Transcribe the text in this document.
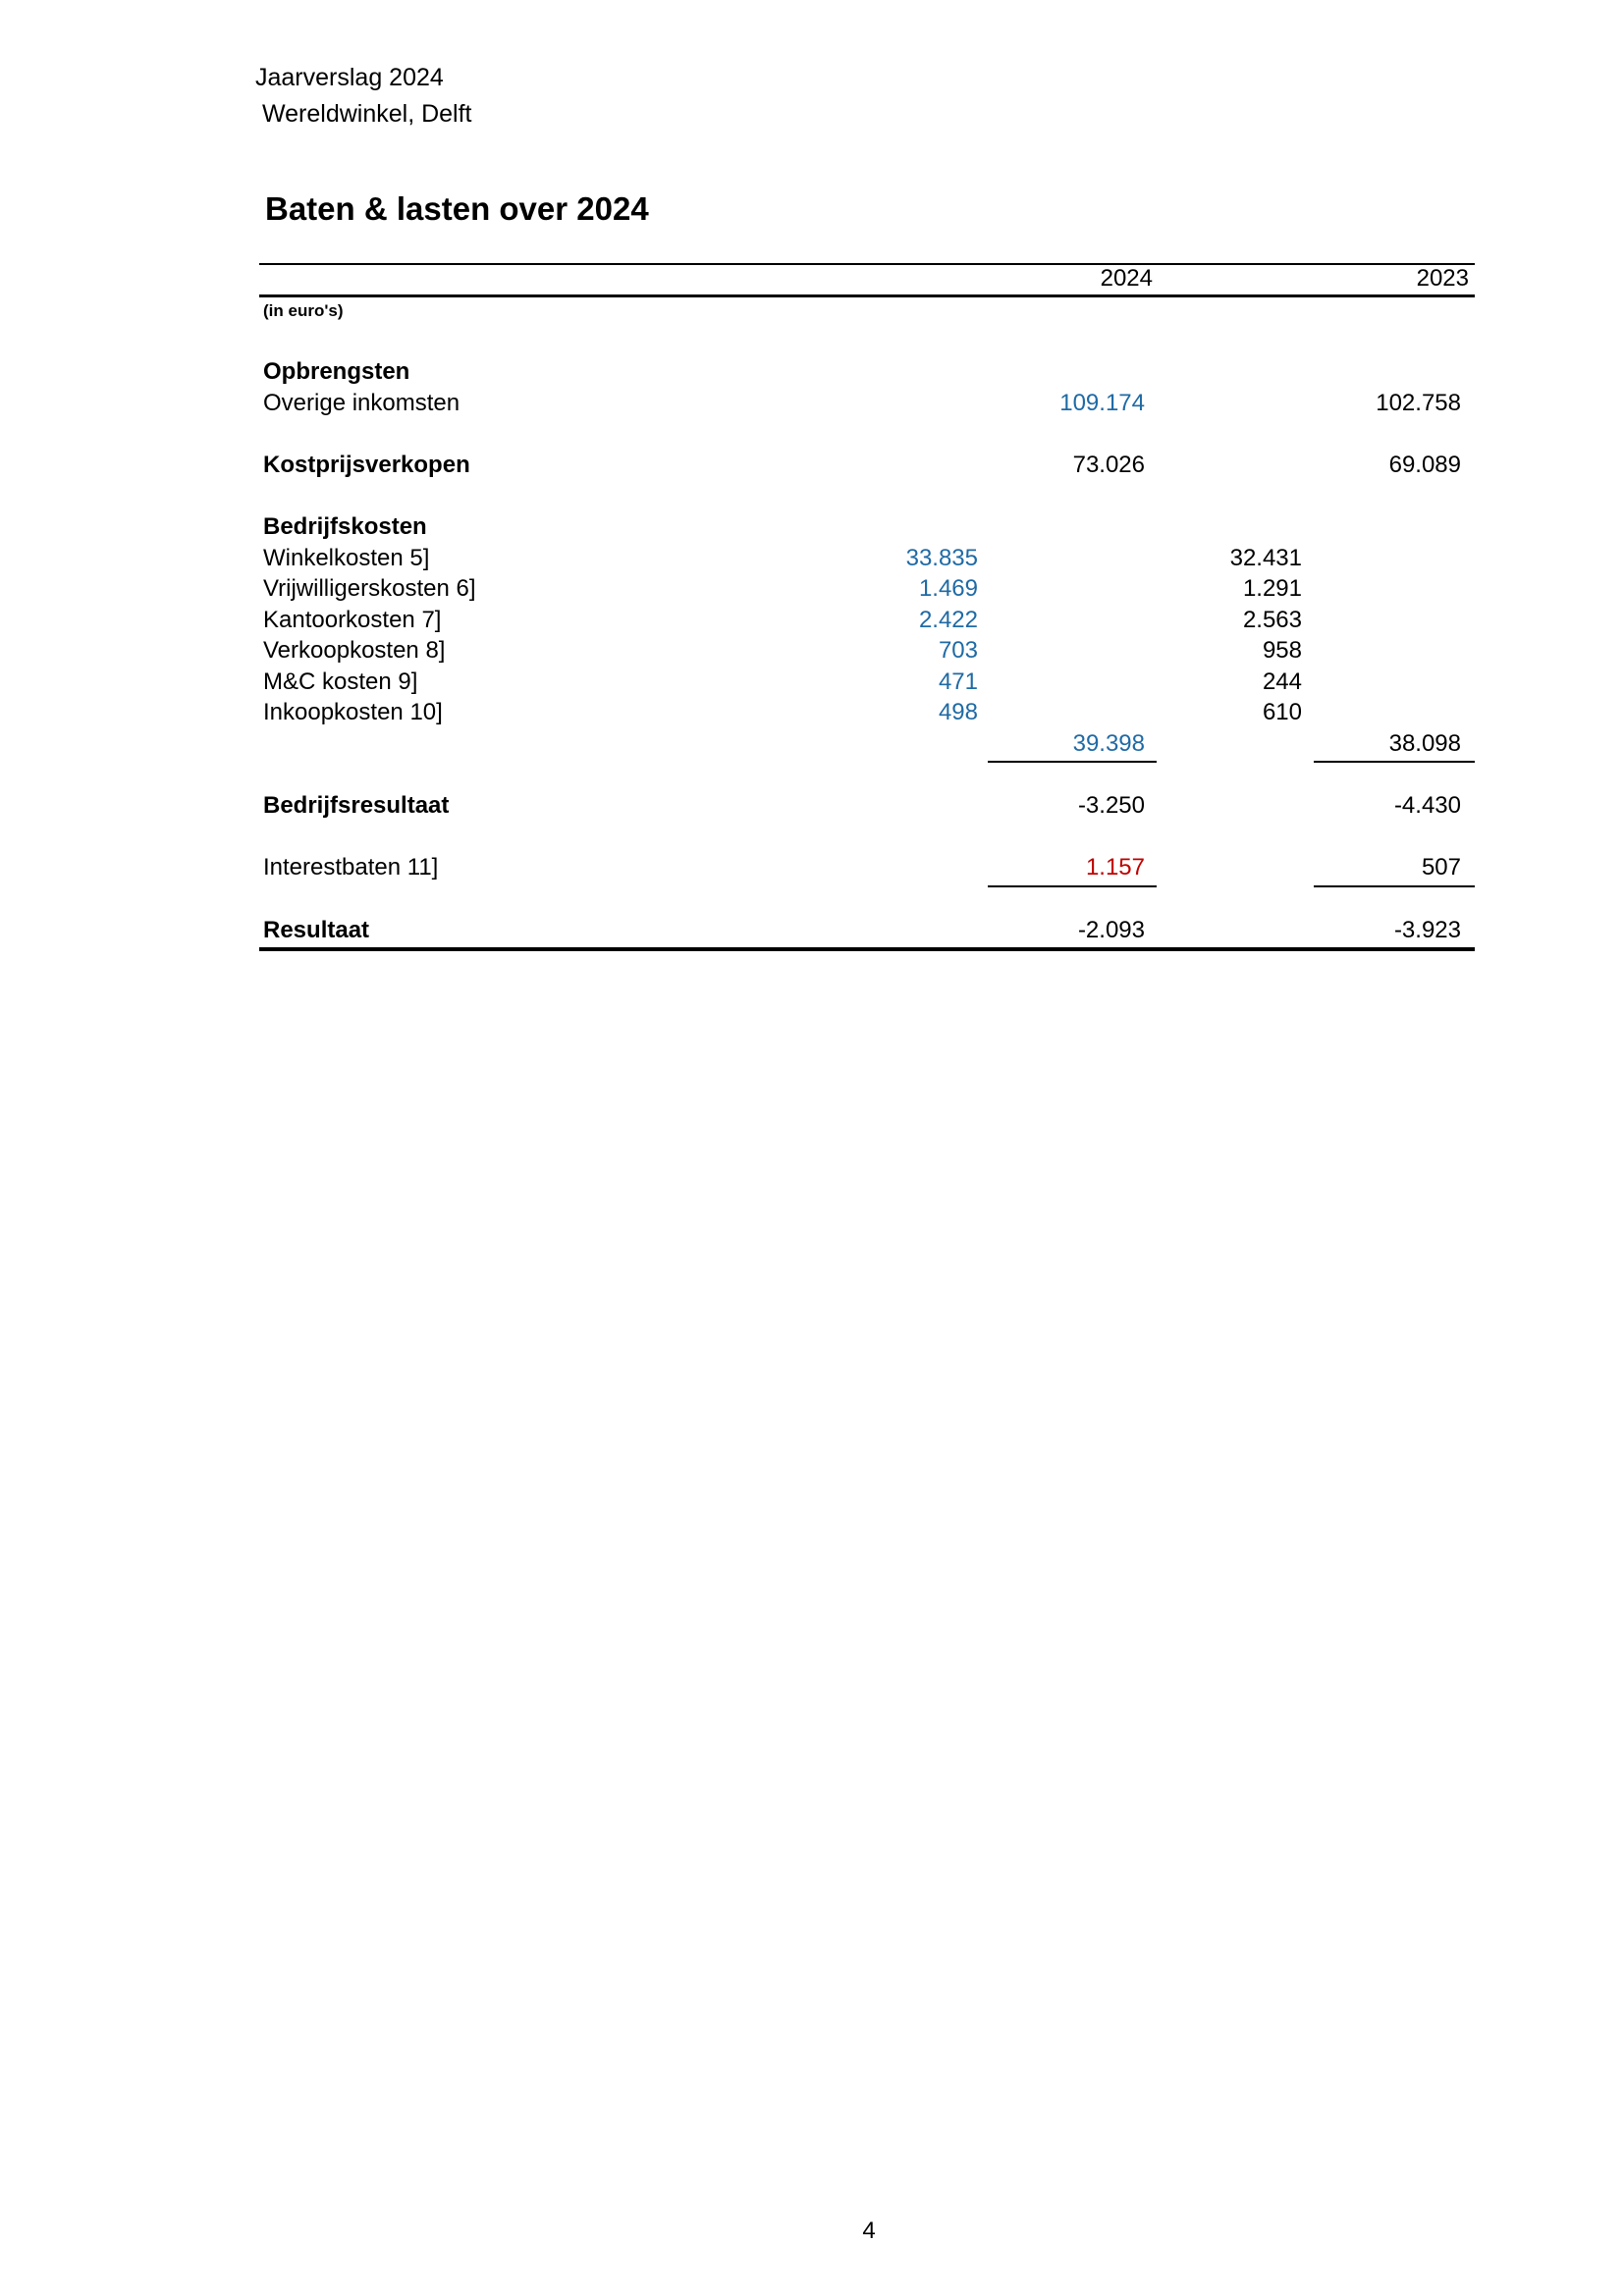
Jaarverslag 2024
Wereldwinkel, Delft
Baten & lasten over 2024
2024	2023
(in euro's)
Opbrengsten
Overige inkomsten	109.174	102.758
Kostprijsverkopen	73.026	69.089
Bedrijfskosten
Winkelkosten 5]	33.835	32.431
Vrijwilligerskosten 6]	1.469	1.291
Kantoorkosten 7]	2.422	2.563
Verkoopkosten 8]	703	958
M&C kosten 9]	471	244
Inkoopkosten 10]	498	610
39.398	38.098
Bedrijfsresultaat	-3.250	-4.430
Interestbaten 11]	1.157	507
Resultaat	-2.093	-3.923
4
